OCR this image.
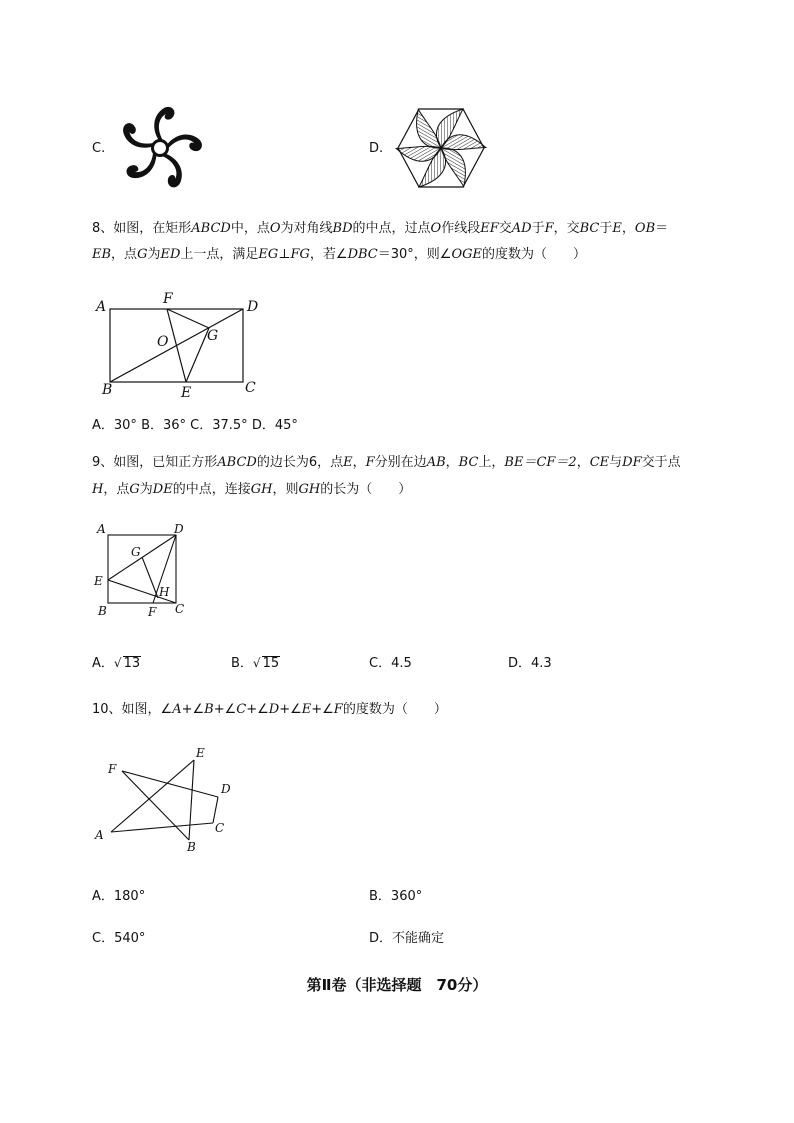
C.	D.
8、如图，在矩形ABCD中，点O为对角线BD的中点，过点O作线段EF交AD于F，交BC于E，OB＝
EB，点G为ED上一点，满足EG⊥FG，若∠DBC＝30°，则∠OGE的度数为（　　）
A	F	D
O	G
B	E	C
A．30° B．36° C．37.5° D．45°
9、如图，已知正方形ABCD的边长为6，点E，F分别在边AB，BC上，BE＝CF＝2，CE与DF交于点
H，点G为DE的中点，连接GH，则GH的长为（　　）
A	D
G
E
H
B	F C
A．√ 13	B．√ 15	C．4.5	D．4.3
10、如图，∠A+∠B+∠C+∠D+∠E+∠F的度数为（　　）
E
F
D
C
A
B
A．180°	B．360°
C．540°	D．不能确定
第Ⅱ卷（非选择题　70分）
